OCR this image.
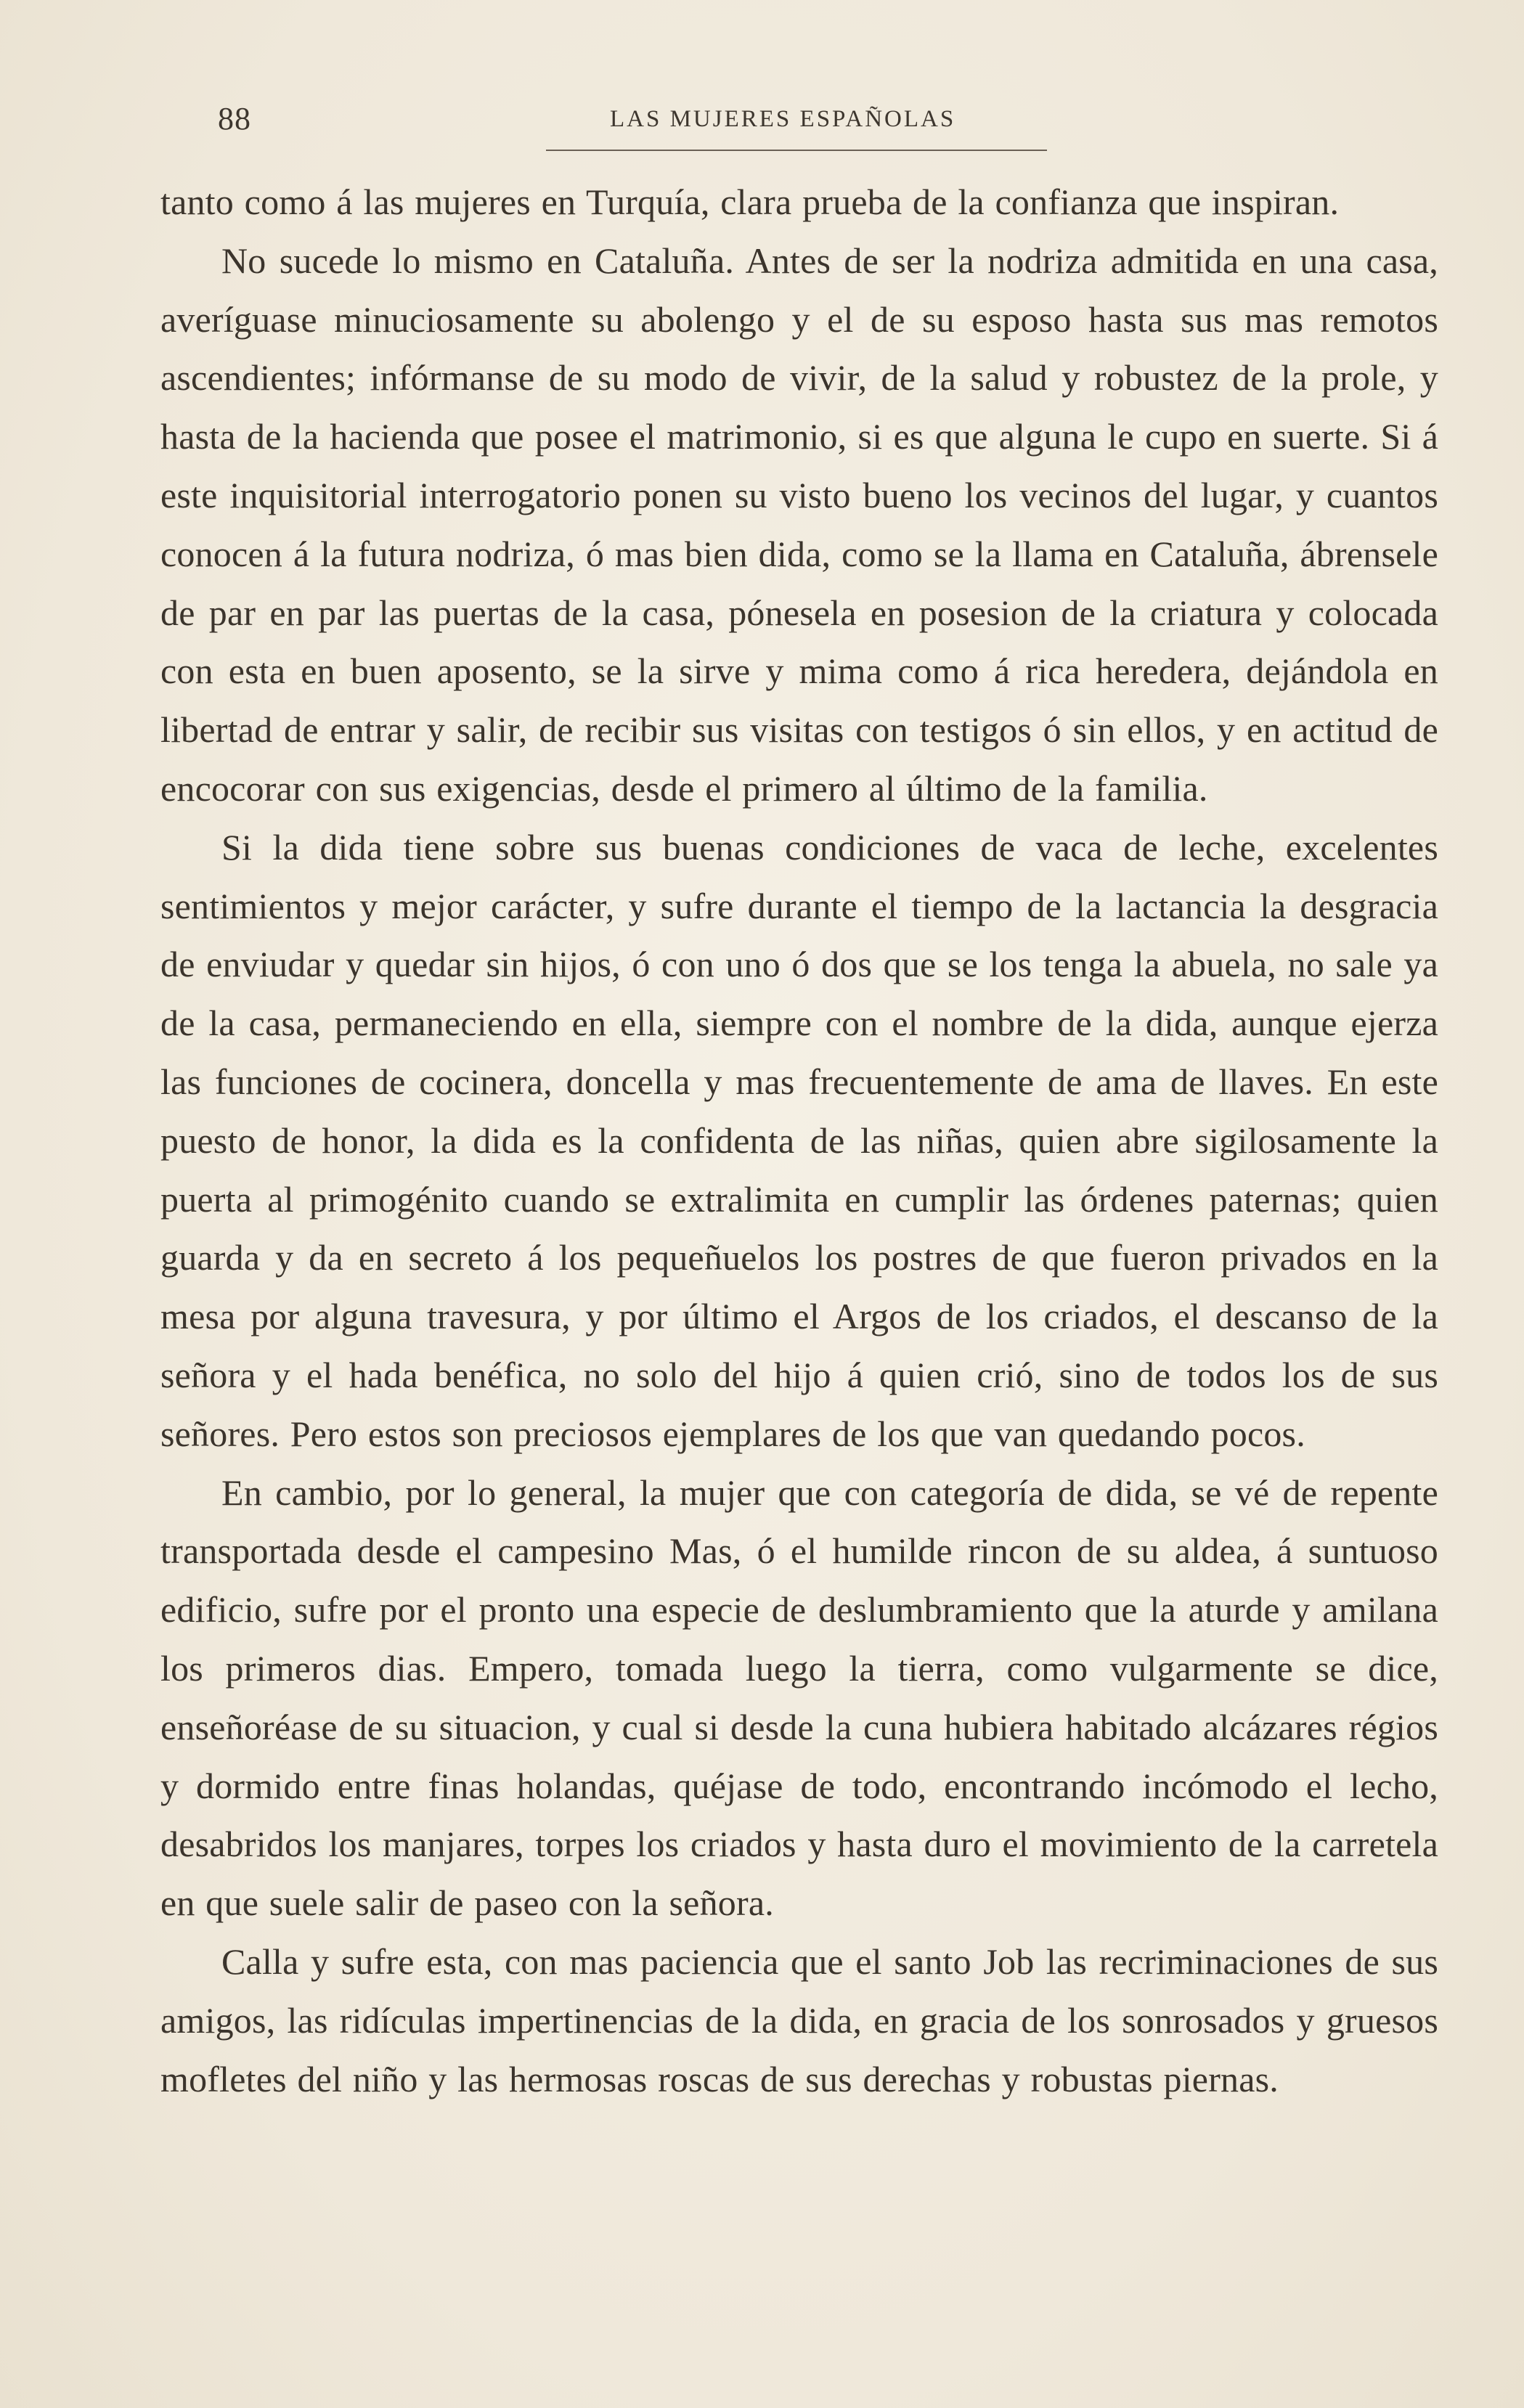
88	LAS MUJERES ESPAÑOLAS

tanto como á las mujeres en Turquía, clara prueba de la confianza que inspiran.

No sucede lo mismo en Cataluña. Antes de ser la nodriza admitida en una casa, averíguase minuciosamente su abolengo y el de su esposo hasta sus mas remotos ascendientes; infórmanse de su modo de vivir, de la salud y robustez de la prole, y hasta de la hacienda que posee el matrimonio, si es que alguna le cupo en suerte. Si á este inquisitorial interrogatorio ponen su visto bueno los vecinos del lugar, y cuantos conocen á la futura nodriza, ó mas bien dida, como se la llama en Cataluña, ábrensele de par en par las puertas de la casa, pónesela en posesion de la criatura y colocada con esta en buen aposento, se la sirve y mima como á rica heredera, dejándola en libertad de entrar y salir, de recibir sus visitas con testigos ó sin ellos, y en actitud de encocorar con sus exigencias, desde el primero al último de la familia.

Si la dida tiene sobre sus buenas condiciones de vaca de leche, excelentes sentimientos y mejor carácter, y sufre durante el tiempo de la lactancia la desgracia de enviudar y quedar sin hijos, ó con uno ó dos que se los tenga la abuela, no sale ya de la casa, permaneciendo en ella, siempre con el nombre de la dida, aunque ejerza las funciones de cocinera, doncella y mas frecuentemente de ama de llaves. En este puesto de honor, la dida es la confidenta de las niñas, quien abre sigilosamente la puerta al primogénito cuando se extralimita en cumplir las órdenes paternas; quien guarda y da en secreto á los pequeñuelos los postres de que fueron privados en la mesa por alguna travesura, y por último el Argos de los criados, el descanso de la señora y el hada benéfica, no solo del hijo á quien crió, sino de todos los de sus señores. Pero estos son preciosos ejemplares de los que van quedando pocos.

En cambio, por lo general, la mujer que con categoría de dida, se vé de repente transportada desde el campesino Mas, ó el humilde rincon de su aldea, á suntuoso edificio, sufre por el pronto una especie de deslumbramiento que la aturde y amilana los primeros dias. Empero, tomada luego la tierra, como vulgarmente se dice, enseñoréase de su situacion, y cual si desde la cuna hubiera habitado alcázares régios y dormido entre finas holandas, quéjase de todo, encontrando incómodo el lecho, desabridos los manjares, torpes los criados y hasta duro el movimiento de la carretela en que suele salir de paseo con la señora.

Calla y sufre esta, con mas paciencia que el santo Job las recriminaciones de sus amigos, las ridículas impertinencias de la dida, en gracia de los sonrosados y gruesos mofletes del niño y las hermosas roscas de sus derechas y robustas piernas.
